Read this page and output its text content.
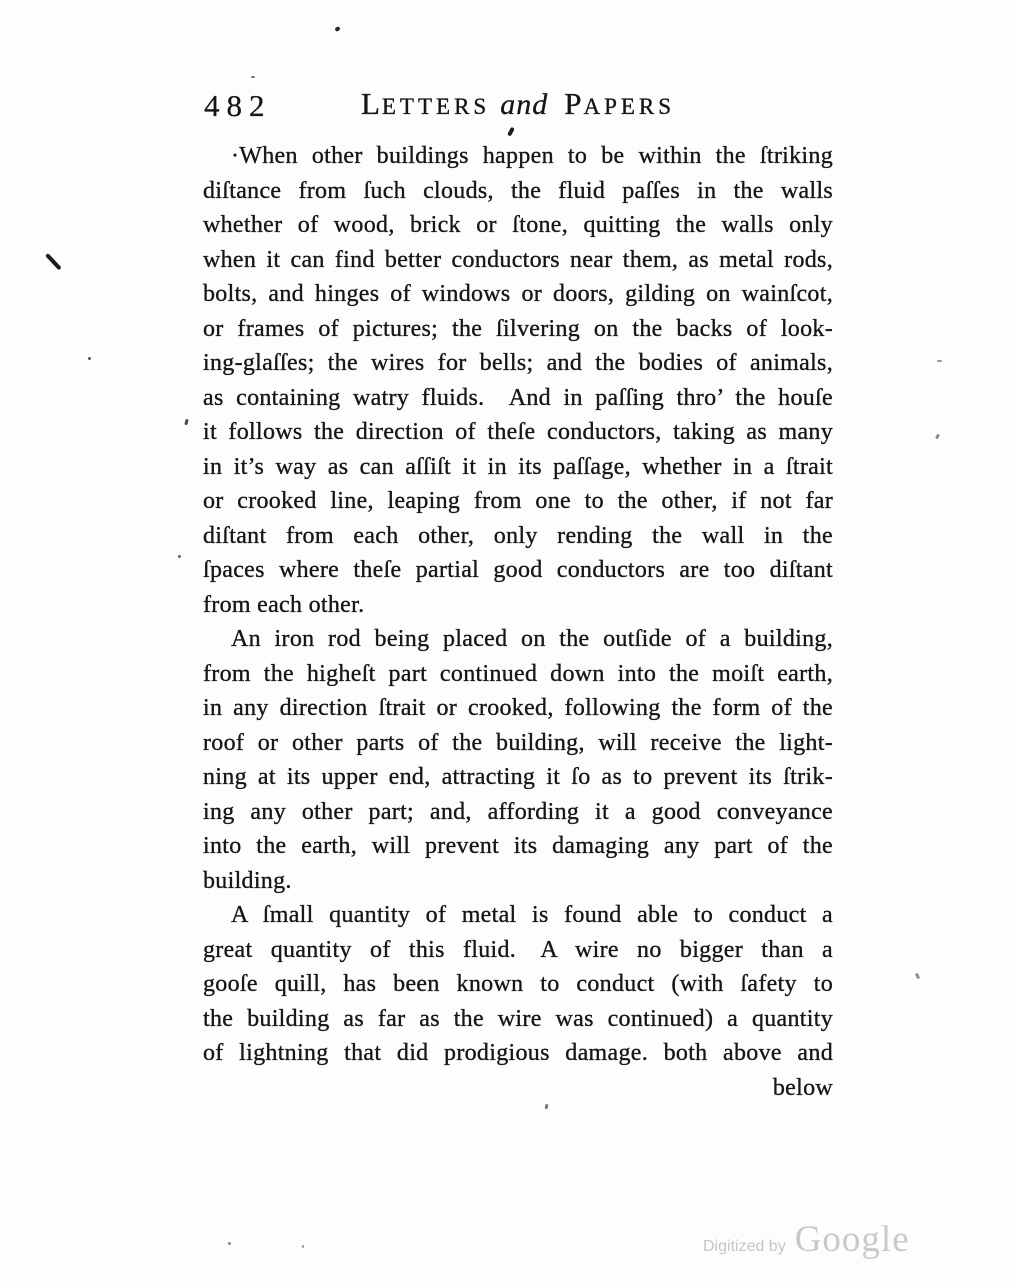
482	LETTERS and PAPERS
·When other buildings happen to be within the ſtriking
diſtance from ſuch clouds, the fluid paſſes in the walls
whether of wood, brick or ſtone, quitting the walls only
when it can find better conductors near them, as metal rods,
bolts, and hinges of windows or doors, gilding on wainſcot,
or frames of pictures; the ſilvering on the backs of look-
ing-glaſſes; the wires for bells; and the bodies of animals,
as containing watry fluids. And in paſſing thro’ the houſe
it follows the direction of theſe conductors, taking as many
in it’s way as can aſſiſt it in its paſſage, whether in a ſtrait
or crooked line, leaping from one to the other, if not far
diſtant from each other, only rending the wall in the
ſpaces where theſe partial good conductors are too diſtant
from each other.
An iron rod being placed on the outſide of a building,
from the higheſt part continued down into the moiſt earth,
in any direction ſtrait or crooked, following the form of the
roof or other parts of the building, will receive the light-
ning at its upper end, attracting it ſo as to prevent its ſtrik-
ing any other part; and, affording it a good conveyance
into the earth, will prevent its damaging any part of the
building.
A ſmall quantity of metal is found able to conduct a
great quantity of this fluid. A wire no bigger than a
gooſe quill, has been known to conduct (with ſafety to
the building as far as the wire was continued) a quantity
of lightning that did prodigious damage. both above and
below
Digitized by Google
